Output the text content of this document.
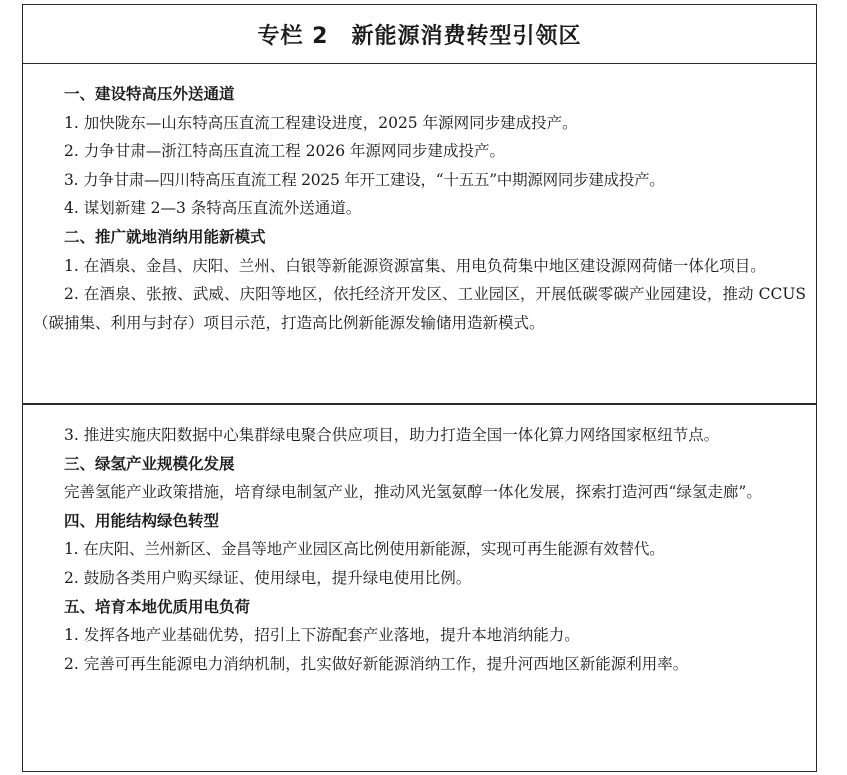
专栏 2　新能源消费转型引领区
一、建设特高压外送通道
1. 加快陇东—山东特高压直流工程建设进度，2025 年源网同步建成投产。
2. 力争甘肃—浙江特高压直流工程 2026 年源网同步建成投产。
3. 力争甘肃—四川特高压直流工程 2025 年开工建设，“十五五”中期源网同步建成投产。
4. 谋划新建 2—3 条特高压直流外送通道。
二、推广就地消纳用能新模式

1. 在酒泉、金昌、庆阳、兰州、白银等新能源资源富集、用电负荷集中地区建设源网荷储一体化项目。

2. 在酒泉、张掖、武威、庆阳等地区，依托经济开发区、工业园区，开展低碳零碳产业园建设，推动 CCUS（碳捕集、利用与封存）项目示范，打造高比例新能源发输储用造新模式。

3. 推进实施庆阳数据中心集群绿电聚合供应项目，助力打造全国一体化算力网络国家枢纽节点。

三、绿氢产业规模化发展

完善氢能产业政策措施，培育绿电制氢产业，推动风光氢氨醇一体化发展，探索打造河西“绿氢走廊”。

四、用能结构绿色转型
1. 在庆阳、兰州新区、金昌等地产业园区高比例使用新能源，实现可再生能源有效替代。
2. 鼓励各类用户购买绿证、使用绿电，提升绿电使用比例。
五、培育本地优质用电负荷
1. 发挥各地产业基础优势，招引上下游配套产业落地，提升本地消纳能力。

2. 完善可再生能源电力消纳机制，扎实做好新能源消纳工作，提升河西地区新能源利用率。
